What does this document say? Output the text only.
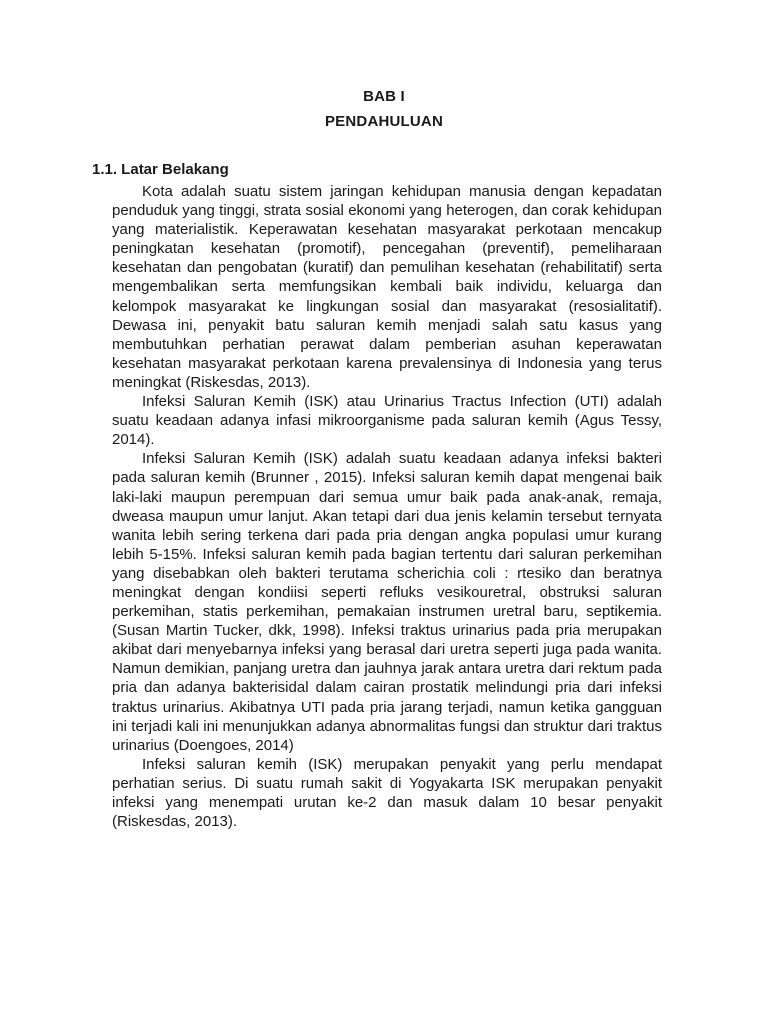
BAB I
PENDAHULUAN
1.1. Latar Belakang

Kota adalah suatu sistem jaringan kehidupan manusia dengan kepadatan penduduk yang tinggi, strata sosial ekonomi yang heterogen, dan corak kehidupan yang materialistik. Keperawatan kesehatan masyarakat perkotaan mencakup peningkatan kesehatan (promotif), pencegahan (preventif), pemeliharaan kesehatan dan pengobatan (kuratif) dan pemulihan kesehatan (rehabilitatif) serta mengembalikan serta memfungsikan kembali baik individu, keluarga dan kelompok masyarakat ke lingkungan sosial dan masyarakat (resosialitatif). Dewasa ini, penyakit batu saluran kemih menjadi salah satu kasus yang membutuhkan perhatian perawat dalam pemberian asuhan keperawatan kesehatan masyarakat perkotaan karena prevalensinya di Indonesia yang terus meningkat (Riskesdas, 2013).

Infeksi Saluran Kemih (ISK) atau Urinarius Tractus Infection (UTI) adalah suatu keadaan adanya infasi mikroorganisme pada saluran kemih (Agus Tessy, 2014).

Infeksi Saluran Kemih (ISK) adalah suatu keadaan adanya infeksi bakteri pada saluran kemih (Brunner , 2015). Infeksi saluran kemih dapat mengenai baik laki-laki maupun perempuan dari semua umur baik pada anak-anak, remaja, dweasa maupun umur lanjut. Akan tetapi dari dua jenis kelamin tersebut ternyata wanita lebih sering terkena dari pada pria dengan angka populasi umur kurang lebih 5-15%. Infeksi saluran kemih pada bagian tertentu dari saluran perkemihan yang disebabkan oleh bakteri terutama scherichia coli : rtesiko dan beratnya meningkat dengan kondiisi seperti refluks vesikouretral, obstruksi saluran perkemihan, statis perkemihan, pemakaian instrumen uretral baru, septikemia. (Susan Martin Tucker, dkk, 1998). Infeksi traktus urinarius pada pria merupakan akibat dari menyebarnya infeksi yang berasal dari uretra seperti juga pada wanita. Namun demikian, panjang uretra dan jauhnya jarak antara uretra dari rektum pada pria dan adanya bakterisidal dalam cairan prostatik melindungi pria dari infeksi traktus urinarius. Akibatnya UTI pada pria jarang terjadi, namun ketika gangguan ini terjadi kali ini menunjukkan adanya abnormalitas fungsi dan struktur dari traktus urinarius (Doengoes, 2014)

Infeksi saluran kemih (ISK) merupakan penyakit yang perlu mendapat perhatian serius. Di suatu rumah sakit di Yogyakarta ISK merupakan penyakit infeksi yang menempati urutan ke-2 dan masuk dalam 10 besar penyakit (Riskesdas, 2013).
